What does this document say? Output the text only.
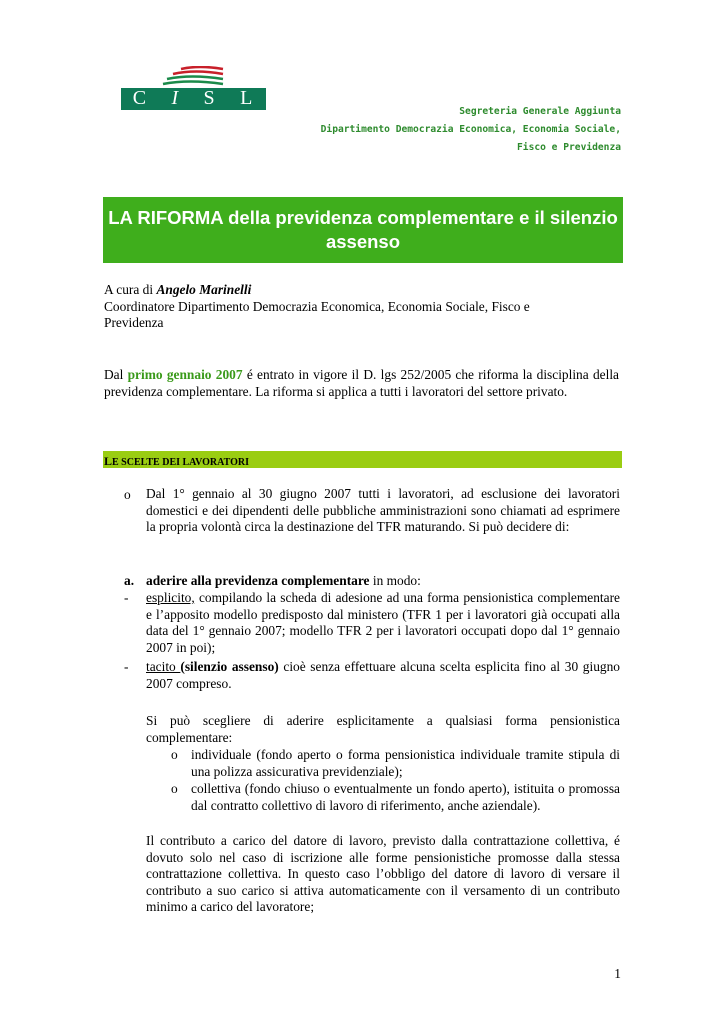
C I S L
Segreteria Generale Aggiunta
Dipartimento Democrazia Economica, Economia Sociale,
Fisco e Previdenza
LA RIFORMA della previdenza complementare e il silenzio
assenso
A cura di Angelo Marinelli
Coordinatore Dipartimento Democrazia Economica, Economia Sociale, Fisco e
Previdenza
Dal primo gennaio 2007 é entrato in vigore il D. lgs 252/2005 che riforma la disciplina della previdenza complementare. La riforma si applica a tutti i lavoratori del settore privato.
LE SCELTE DEI LAVORATORI
o Dal 1° gennaio al 30 giugno 2007 tutti i lavoratori, ad esclusione dei lavoratori domestici e dei dipendenti delle pubbliche amministrazioni sono chiamati ad esprimere la propria volontà circa la destinazione del TFR maturando. Si può decidere di:
a. aderire alla previdenza complementare in modo:
- esplicito, compilando la scheda di adesione ad una forma pensionistica complementare e l’apposito modello predisposto dal ministero (TFR 1 per i lavoratori già occupati alla data del 1° gennaio 2007; modello TFR 2 per i lavoratori occupati dopo dal 1° gennaio 2007 in poi);
- tacito (silenzio assenso) cioè senza effettuare alcuna scelta esplicita fino al 30 giugno 2007 compreso.
Si può scegliere di aderire esplicitamente a qualsiasi forma pensionistica complementare:
o individuale (fondo aperto o forma pensionistica individuale tramite stipula di una polizza assicurativa previdenziale);
o collettiva (fondo chiuso o eventualmente un fondo aperto), istituita o promossa dal contratto collettivo di lavoro di riferimento, anche aziendale).
Il contributo a carico del datore di lavoro, previsto dalla contrattazione collettiva, é dovuto solo nel caso di iscrizione alle forme pensionistiche promosse dalla stessa contrattazione collettiva. In questo caso l’obbligo del datore di lavoro di versare il contributo a suo carico si attiva automaticamente con il versamento di un contributo minimo a carico del lavoratore;
1
